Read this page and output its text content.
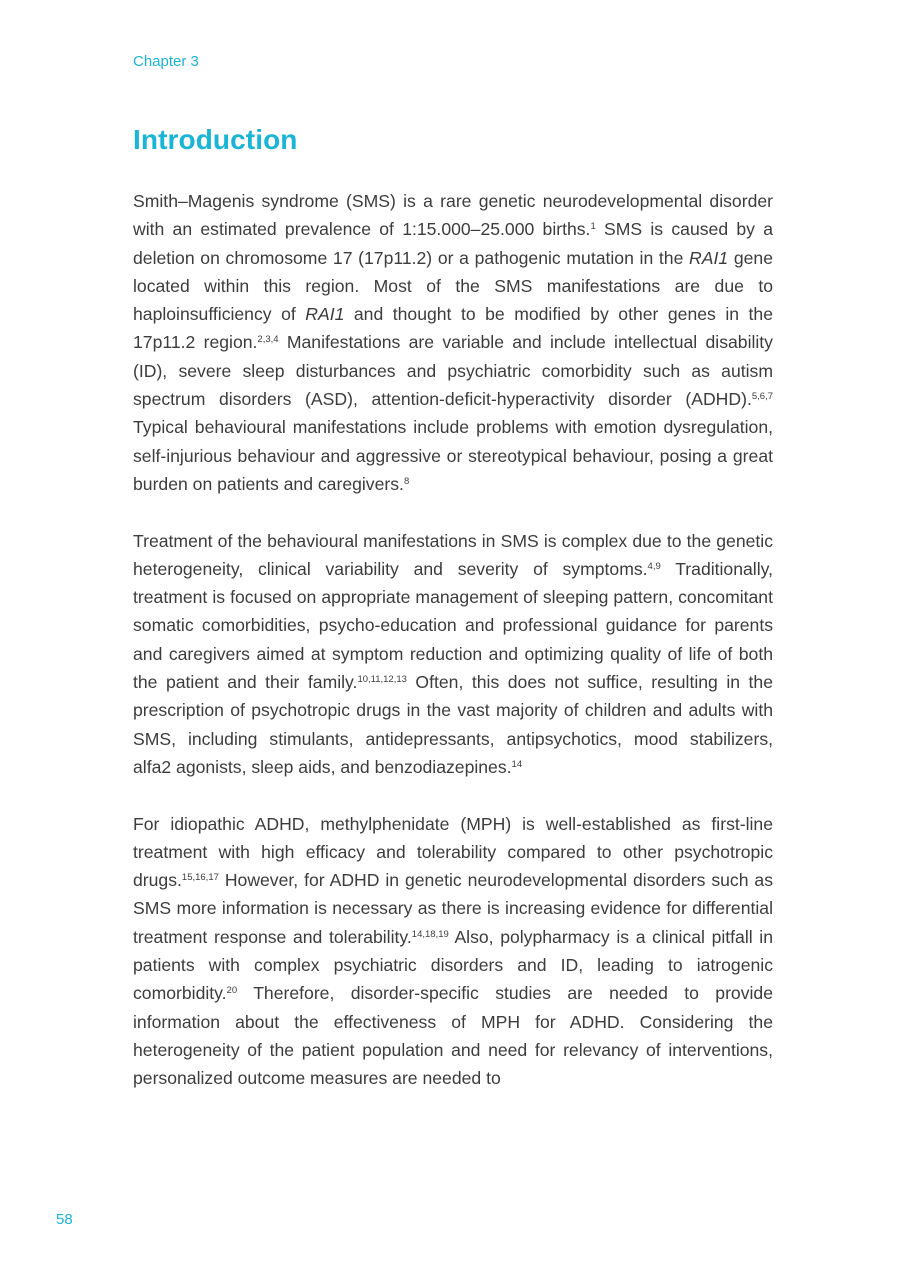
Chapter 3

Introduction

Smith–Magenis syndrome (SMS) is a rare genetic neurodevelopmental disorder with an estimated prevalence of 1:15.000–25.000 births.$^1$ SMS is caused by a deletion on chromosome 17 (17p11.2) or a pathogenic mutation in the RAI1 gene located within this region. Most of the SMS manifestations are due to haploinsufficiency of RAI1 and thought to be modified by other genes in the 17p11.2 region.$^{2,3,4}$ Manifestations are variable and include intellectual disability (ID), severe sleep disturbances and psychiatric comorbidity such as autism spectrum disorders (ASD), attention-deficit-hyperactivity disorder (ADHD).$^{5,6,7}$ Typical behavioural manifestations include problems with emotion dysregulation, self-injurious behaviour and aggressive or stereotypical behaviour, posing a great burden on patients and caregivers.$^8$

Treatment of the behavioural manifestations in SMS is complex due to the genetic heterogeneity, clinical variability and severity of symptoms.$^{4,9}$ Traditionally, treatment is focused on appropriate management of sleeping pattern, concomitant somatic comorbidities, psycho-education and professional guidance for parents and caregivers aimed at symptom reduction and optimizing quality of life of both the patient and their family.$^{10,11,12,13}$ Often, this does not suffice, resulting in the prescription of psychotropic drugs in the vast majority of children and adults with SMS, including stimulants, antidepressants, antipsychotics, mood stabilizers, alfa2 agonists, sleep aids, and benzodiazepines.$^{14}$

For idiopathic ADHD, methylphenidate (MPH) is well-established as first-line treatment with high efficacy and tolerability compared to other psychotropic drugs.$^{15,16,17}$ However, for ADHD in genetic neurodevelopmental disorders such as SMS more information is necessary as there is increasing evidence for differential treatment response and tolerability.$^{14,18,19}$ Also, polypharmacy is a clinical pitfall in patients with complex psychiatric disorders and ID, leading to iatrogenic comorbidity.$^{20}$ Therefore, disorder-specific studies are needed to provide information about the effectiveness of MPH for ADHD. Considering the heterogeneity of the patient population and need for relevancy of interventions, personalized outcome measures are needed to

58
